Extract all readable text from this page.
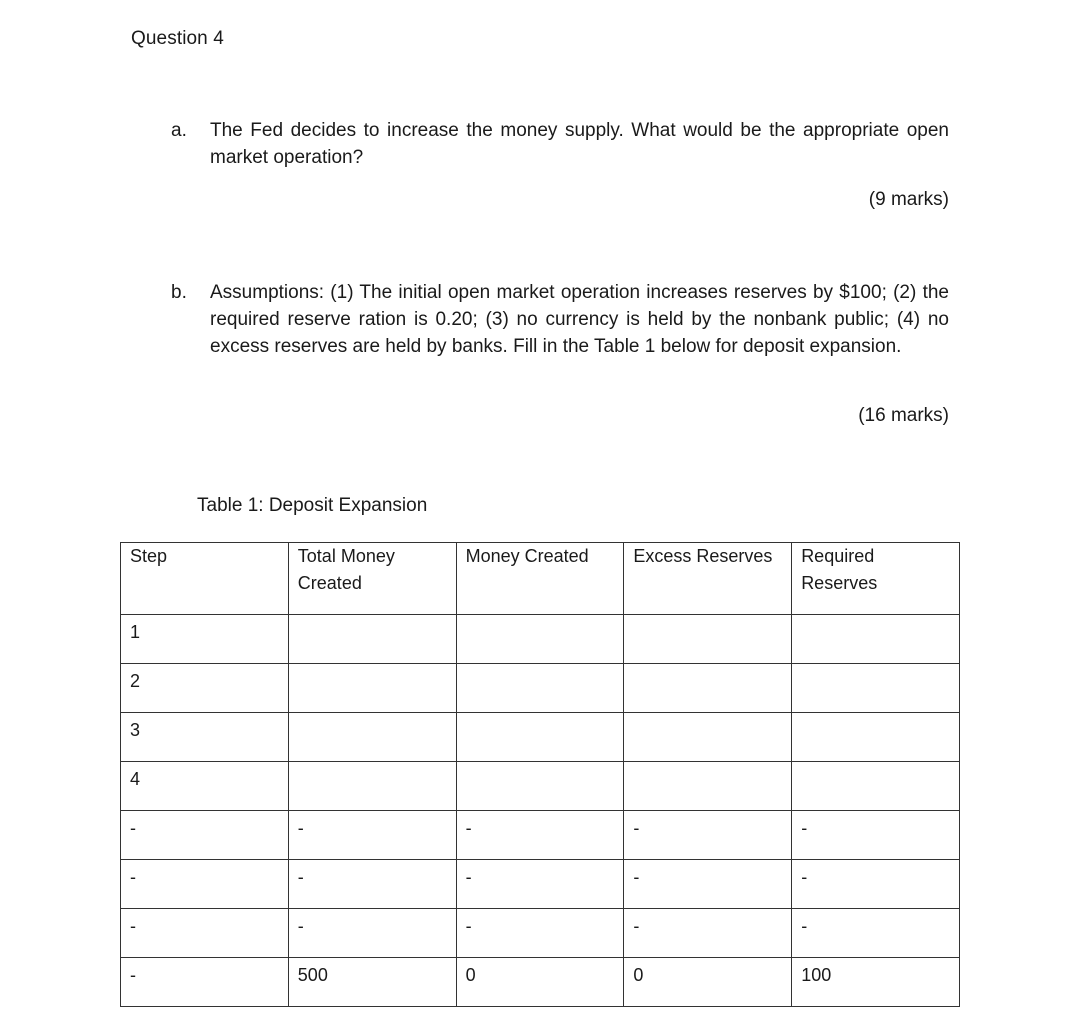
Question 4
a. The Fed decides to increase the money supply. What would be the appropriate open market operation?
(9 marks)
b. Assumptions: (1) The initial open market operation increases reserves by $100; (2) the required reserve ration is 0.20; (3) no currency is held by the nonbank public; (4) no excess reserves are held by banks. Fill in the Table 1 below for deposit expansion.
(16 marks)
Table 1: Deposit Expansion
Step	Total Money Created	Money Created	Excess Reserves	Required Reserves
1				
2				
3				
4				
-	-	-	-	-
-	-	-	-	-
-	-	-	-	-
-	500	0	0	100
